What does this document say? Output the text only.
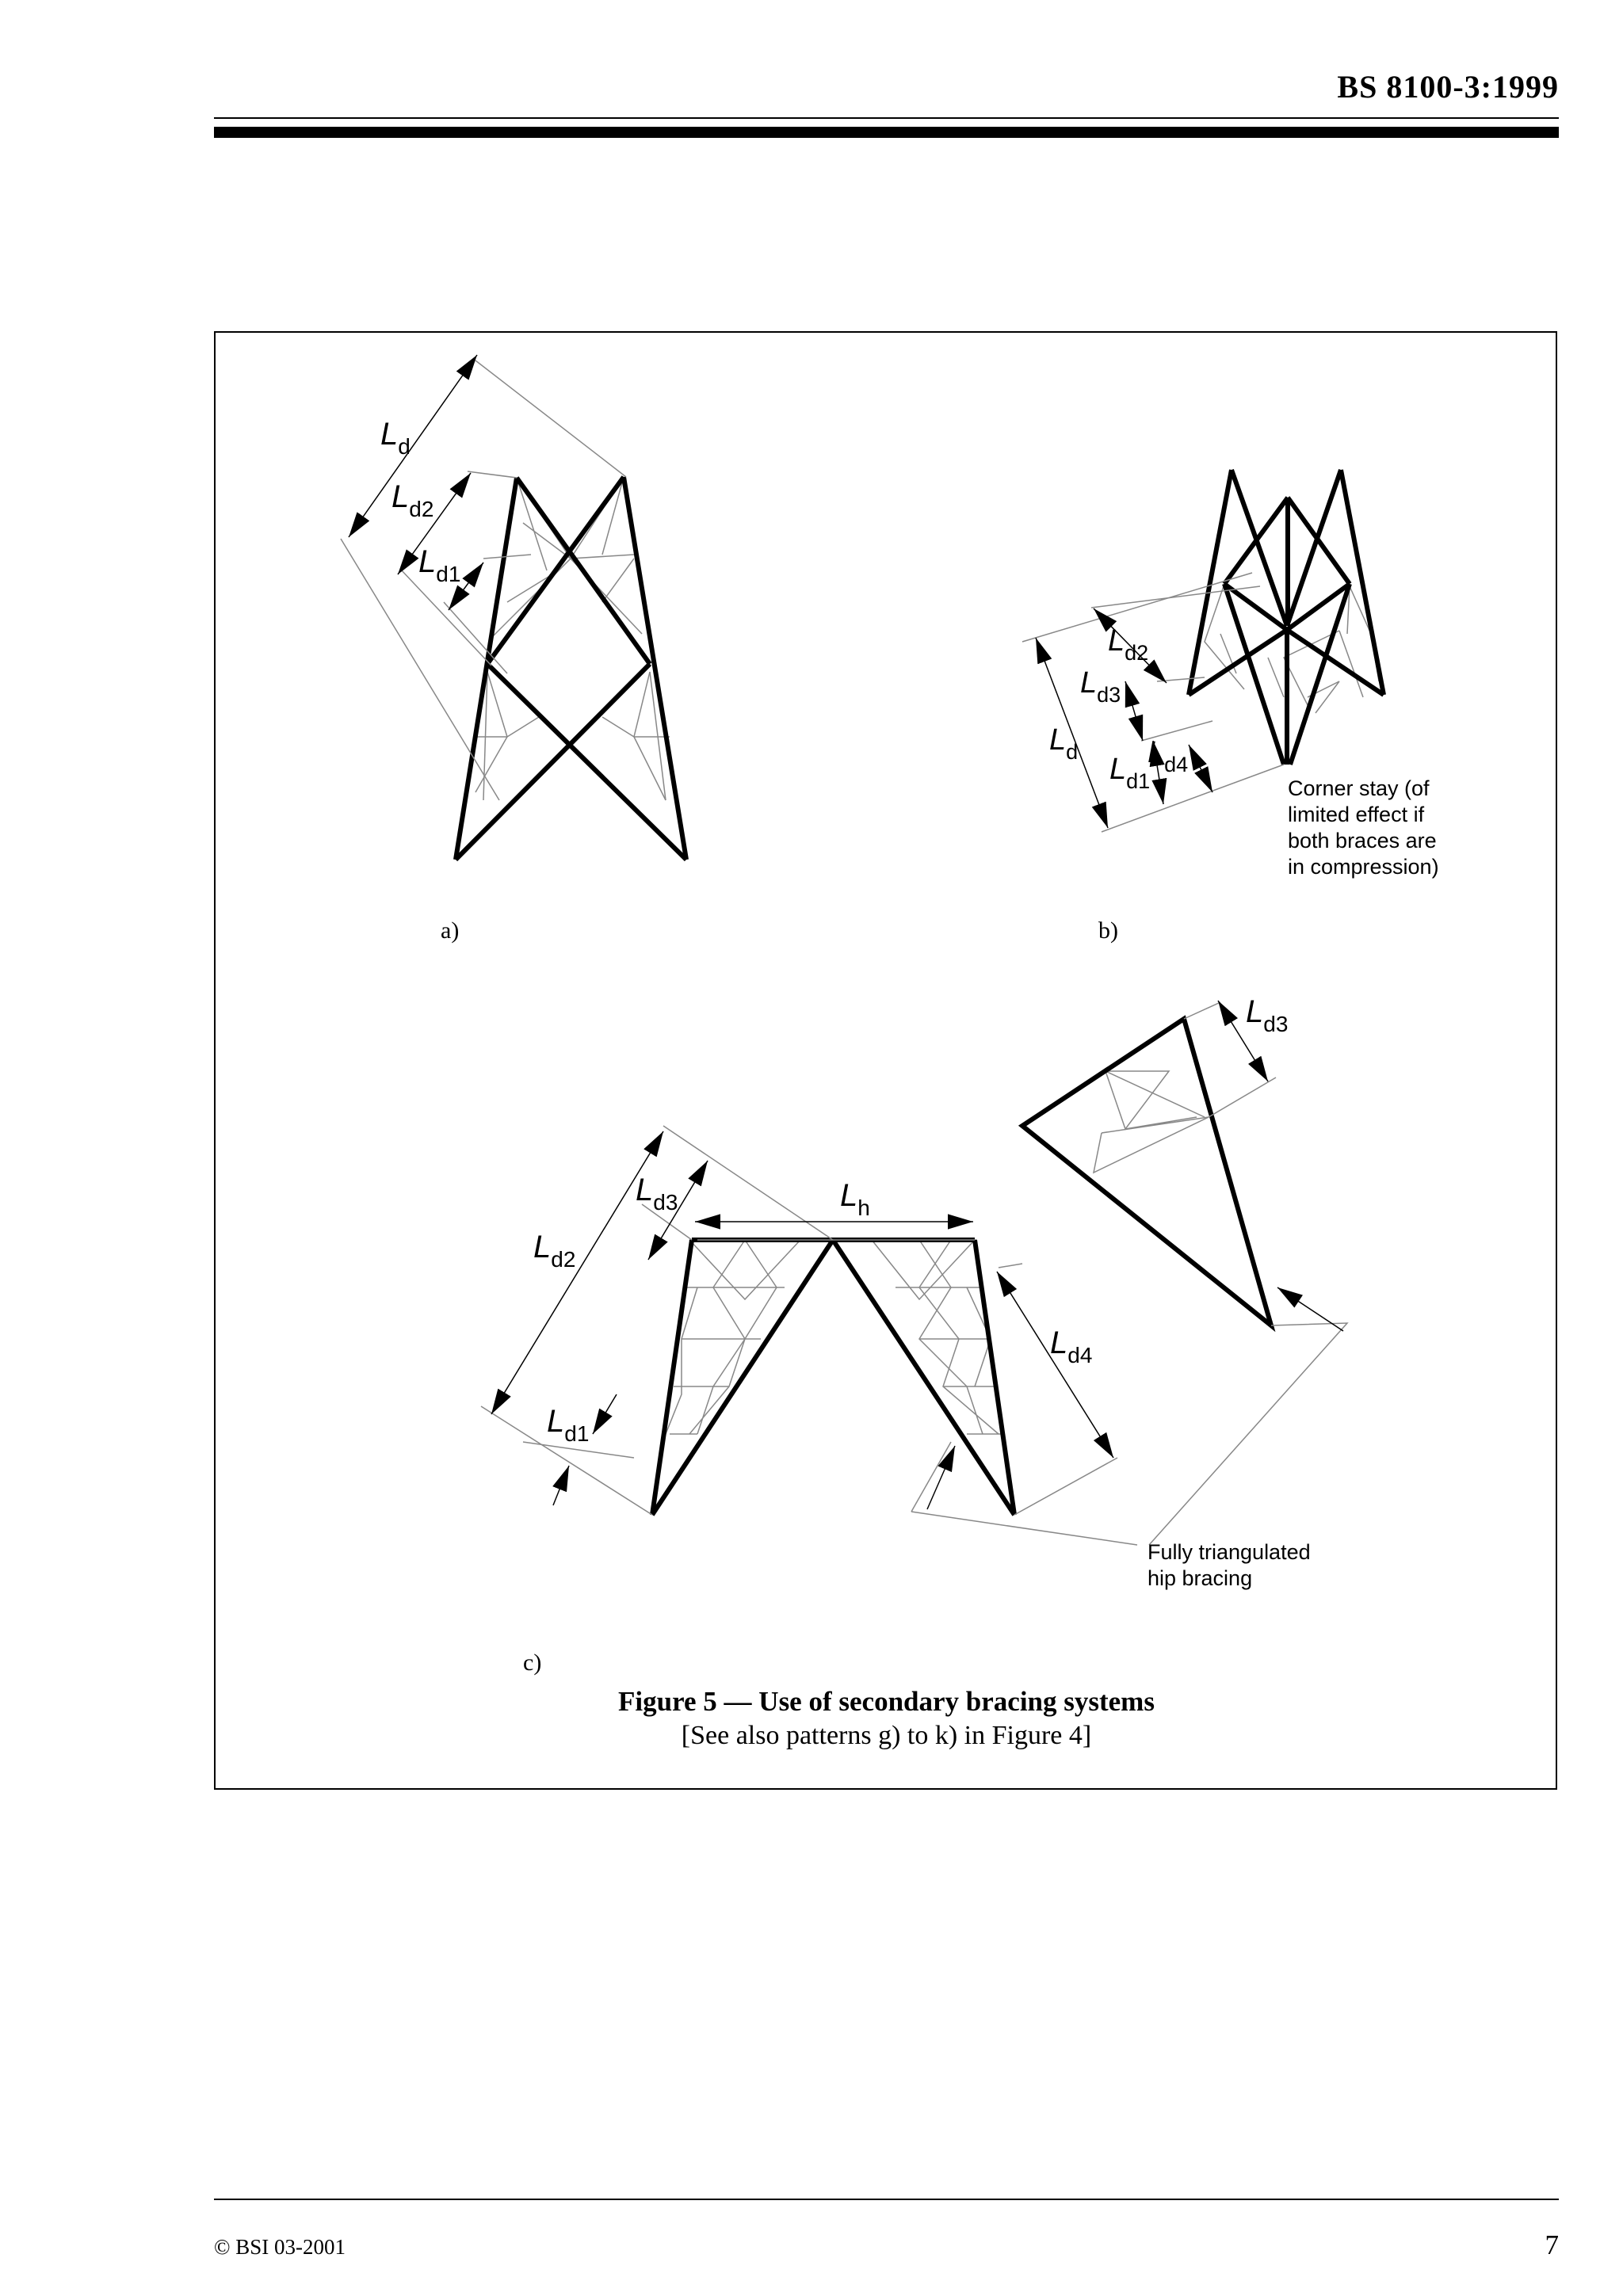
BS 8100-3:1999
$L_d$
$L_{d2}$
$L_{d1}$
$L_d$
$L_{d2}$
$L_{d3}$
$L_{d1}$
$L_{d4}$
Corner stay (of
limited effect if
both braces are
in compression)
$L_{d2}$
$L_{d3}$	$L_h$
$L_{d4}$
$L_{d1}$
$L_{d3}$
Fully triangulated
hip bracing
a)	b)
c)
Figure 5 — Use of secondary bracing systems
[See also patterns g) to k) in Figure 4]
© BSI 03-2001	7
